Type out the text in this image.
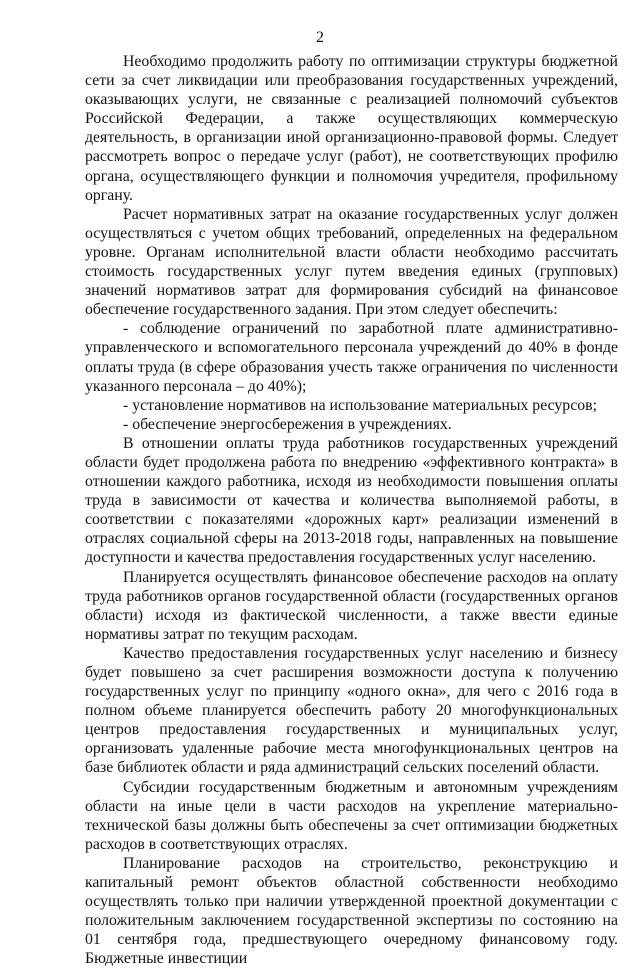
2

Необходимо продолжить работу по оптимизации структуры бюджетной сети за счет ликвидации или преобразования государственных учреждений, оказывающих услуги, не связанные с реализацией полномочий субъектов Российской Федерации, а также осуществляющих коммерческую деятельность, в организации иной организационно-правовой формы. Следует рассмотреть вопрос о передаче услуг (работ), не соответствующих профилю органа, осуществляющего функции и полномочия учредителя, профильному органу.

Расчет нормативных затрат на оказание государственных услуг должен осуществляться с учетом общих требований, определенных на федеральном уровне. Органам исполнительной власти области необходимо рассчитать стоимость государственных услуг путем введения единых (групповых) значений нормативов затрат для формирования субсидий на финансовое обеспечение государственного задания. При этом следует обеспечить:

- соблюдение ограничений по заработной плате административно-управленческого и вспомогательного персонала учреждений до 40% в фонде оплаты труда (в сфере образования учесть также ограничения по численности указанного персонала – до 40%);

- установление нормативов на использование материальных ресурсов;

- обеспечение энергосбережения в учреждениях.

В отношении оплаты труда работников государственных учреждений области будет продолжена работа по внедрению «эффективного контракта» в отношении каждого работника, исходя из необходимости повышения оплаты труда в зависимости от качества и количества выполняемой работы, в соответствии с показателями «дорожных карт» реализации изменений в отраслях социальной сферы на 2013-2018 годы, направленных на повышение доступности и качества предоставления государственных услуг населению.

Планируется осуществлять финансовое обеспечение расходов на оплату труда работников органов государственной области (государственных органов области) исходя из фактической численности, а также ввести единые нормативы затрат по текущим расходам.

Качество предоставления государственных услуг населению и бизнесу будет повышено за счет расширения возможности доступа к получению государственных услуг по принципу «одного окна», для чего с 2016 года в полном объеме планируется обеспечить работу 20 многофункциональных центров предоставления государственных и муниципальных услуг, организовать удаленные рабочие места многофункциональных центров на базе библиотек области и ряда администраций сельских поселений области.

Субсидии государственным бюджетным и автономным учреждениям области на иные цели в части расходов на укрепление материально-технической базы должны быть обеспечены за счет оптимизации бюджетных расходов в соответствующих отраслях.

Планирование расходов на строительство, реконструкцию и капитальный ремонт объектов областной собственности необходимо осуществлять только при наличии утвержденной проектной документации с положительным заключением государственной экспертизы по состоянию на 01 сентября года, предшествующего очередному финансовому году. Бюджетные инвестиции
